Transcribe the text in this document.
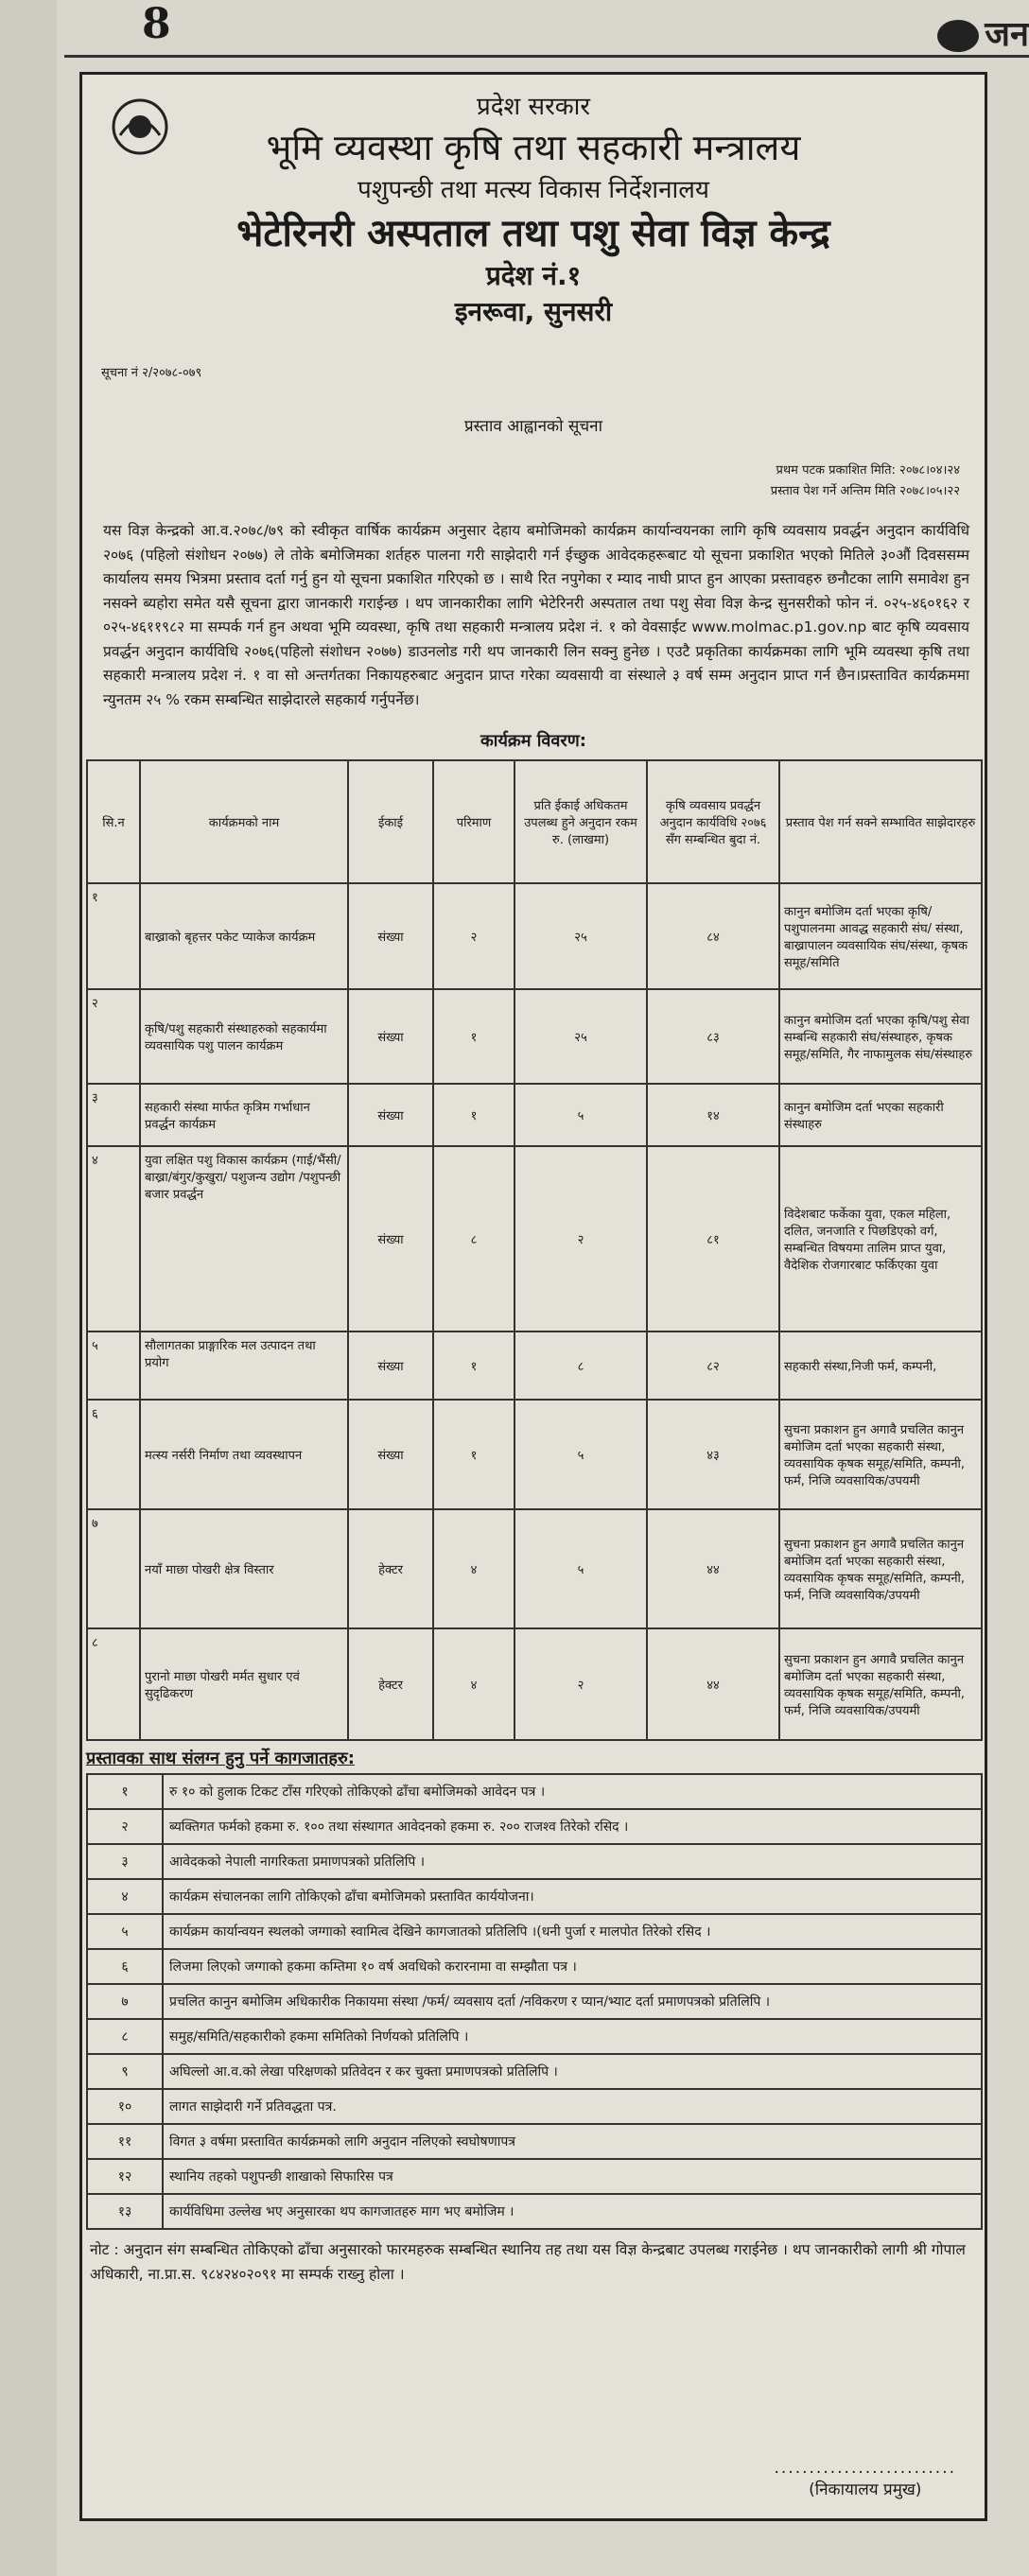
8	जन
प्रदेश सरकार
भूमि व्यवस्था कृषि तथा सहकारी मन्त्रालय
पशुपन्छी तथा मत्स्य विकास निर्देशनालय
भेटेरिनरी अस्पताल तथा पशु सेवा विज्ञ केन्द्र
प्रदेश नं.१
इनरूवा, सुनसरी
सूचना नं २/२०७८-०७९
प्रस्ताव आह्वानको सूचना
प्रथम पटक प्रकाशित मिति: २०७८।०४।२४
प्रस्ताव पेश गर्ने अन्तिम मिति २०७८।०५।२२
यस विज्ञ केन्द्रको आ.व.२०७८/७९ को स्वीकृत वार्षिक कार्यक्रम अनुसार देहाय बमोजिमको कार्यक्रम कार्यान्वयनका लागि कृषि व्यवसाय प्रवर्द्धन अनुदान कार्यविधि २०७६ (पहिलो संशोधन २०७७) ले तोके बमोजिमका शर्तहरु पालना गरी साझेदारी गर्न ईच्छुक आवेदकहरूबाट यो सूचना प्रकाशित भएको मितिले ३०औं दिवससम्म कार्यालय समय भित्रमा प्रस्ताव दर्ता गर्नु हुन यो सूचना प्रकाशित गरिएको छ । साथै रित नपुगेका र म्याद नाघी प्राप्त हुन आएका प्रस्तावहरु छनौटका लागि समावेश हुन नसक्ने ब्यहोरा समेत यसै सूचना द्वारा जानकारी गराईन्छ । थप जानकारीका लागि भेटेरिनरी अस्पताल तथा पशु सेवा विज्ञ केन्द्र सुनसरीको फोन नं. ०२५-४६०१६२ र ०२५-४६११९८२ मा सम्पर्क गर्न हुन अथवा भूमि व्यवस्था, कृषि तथा सहकारी मन्त्रालय प्रदेश नं. १ को वेवसाईट www.molmac.p1.gov.np बाट कृषि व्यवसाय प्रवर्द्धन अनुदान कार्यविधि २०७६(पहिलो संशोधन २०७७) डाउनलोड गरी थप जानकारी लिन सक्नु हुनेछ । एउटै प्रकृतिका कार्यक्रमका लागि भूमि व्यवस्था कृषि तथा सहकारी मन्त्रालय प्रदेश नं. १ वा सो अन्तर्गतका निकायहरुबाट अनुदान प्राप्त गरेका व्यवसायी वा संस्थाले ३ वर्ष सम्म अनुदान प्राप्त गर्न छैन।प्रस्तावित कार्यक्रममा न्युनतम २५ % रकम सम्बन्धित साझेदारले सहकार्य गर्नुपर्नेछ।
कार्यक्रम विवरण:
सि.न	कार्यक्रमको नाम	ईकाई	परिमाण	प्रति ईकाई अधिकतम उपलब्ध हुने अनुदान रकम रु. (लाखमा)	कृषि व्यवसाय प्रवर्द्धन अनुदान कार्यविधि २०७६ सँग सम्बन्धित बुदा नं.	प्रस्ताव पेश गर्न सक्ने सम्भावित साझेदारहरु
१	बाख्राको बृहत्तर पकेट प्याकेज कार्यक्रम	संख्या	२	२५	८४	कानुन बमोजिम दर्ता भएका कृषि/पशुपालनमा आवद्ध सहकारी संघ/ संस्था, बाख्रापालन व्यवसायिक संघ/संस्था, कृषक समूह/समिति
२	कृषि/पशु सहकारी संस्थाहरुको सहकार्यमा व्यवसायिक पशु पालन कार्यक्रम	संख्या	१	२५	८३	कानुन बमोजिम दर्ता भएका कृषि/पशु सेवा सम्बन्धि सहकारी संघ/संस्थाहरु, कृषक समूह/समिति, गैर नाफामुलक संघ/संस्थाहरु
३	सहकारी संस्था मार्फत कृत्रिम गर्भाधान प्रवर्द्धन कार्यक्रम	संख्या	१	५	१४	कानुन बमोजिम दर्ता भएका सहकारी संस्थाहरु
४	युवा लक्षित पशु विकास कार्यक्रम (गाई/भैंसी/बाख्रा/बंगुर/कुखुरा/ पशुजन्य उद्योग /पशुपन्छी बजार प्रवर्द्धन	संख्या	८	२	८१	विदेशबाट फर्केका युवा, एकल महिला, दलित, जनजाति र पिछडिएको वर्ग, सम्बन्धित विषयमा तालिम प्राप्त युवा, वैदेशिक रोजगारबाट फर्किएका युवा
५	सौलागतका प्राङ्गारिक मल उत्पादन तथा प्रयोग	संख्या	१	८	८२	सहकारी संस्था,निजी फर्म, कम्पनी,
६	मत्स्य नर्सरी निर्माण तथा व्यवस्थापन	संख्या	१	५	४३	सुचना प्रकाशन हुन अगावै प्रचलित कानुन बमोजिम दर्ता भएका सहकारी संस्था, व्यवसायिक कृषक समूह/समिति, कम्पनी, फर्म, निजि व्यवसायिक/उपयमी
७	नयाँ माछा पोखरी क्षेत्र विस्तार	हेक्टर	४	५	४४	सुचना प्रकाशन हुन अगावै प्रचलित कानुन बमोजिम दर्ता भएका सहकारी संस्था, व्यवसायिक कृषक समूह/समिति, कम्पनी, फर्म, निजि व्यवसायिक/उपयमी
८	पुरानो माछा पोखरी मर्मत सुधार एवं सुदृढिकरण	हेक्टर	४	२	४४	सुचना प्रकाशन हुन अगावै प्रचलित कानुन बमोजिम दर्ता भएका सहकारी संस्था, व्यवसायिक कृषक समूह/समिति, कम्पनी, फर्म, निजि व्यवसायिक/उपयमी
प्रस्तावका साथ संलग्न हुनु पर्ने कागजातहरु:
१	रु १० को हुलाक टिकट टाँस गरिएको तोकिएको ढाँचा बमोजिमको आवेदन पत्र ।
२	ब्यक्तिगत फर्मको हकमा रु. १०० तथा संस्थागत आवेदनको हकमा रु. २०० राजश्व तिरेको रसिद ।
३	आवेदकको नेपाली नागरिकता प्रमाणपत्रको प्रतिलिपि ।
४	कार्यक्रम संचालनका लागि तोकिएको ढाँचा बमोजिमको प्रस्तावित कार्ययोजना।
५	कार्यक्रम कार्यान्वयन स्थलको जग्गाको स्वामित्व देखिने कागजातको प्रतिलिपि ।(धनी पुर्जा र मालपोत तिरेको रसिद ।
६	लिजमा लिएको जग्गाको हकमा कम्तिमा १० वर्ष अवधिको करारनामा वा सम्झौता पत्र ।
७	प्रचलित कानुन बमोजिम अधिकारीक निकायमा संस्था /फर्म/ व्यवसाय दर्ता /नविकरण र प्यान/भ्याट दर्ता प्रमाणपत्रको प्रतिलिपि ।
८	समुह/समिति/सहकारीको हकमा समितिको निर्णयको प्रतिलिपि ।
९	अघिल्लो आ.व.को लेखा परिक्षणको प्रतिवेदन र कर चुक्ता प्रमाणपत्रको प्रतिलिपि ।
१०	लागत साझेदारी गर्ने प्रतिवद्धता पत्र.
११	विगत ३ वर्षमा प्रस्तावित कार्यक्रमको लागि अनुदान नलिएको स्वघोषणापत्र
१२	स्थानिय तहको पशुपन्छी शाखाको सिफारिस पत्र
१३	कार्यविधिमा उल्लेख भए अनुसारका थप कागजातहरु माग भए बमोजिम ।
नोट : अनुदान संग सम्बन्धित तोकिएको ढाँचा अनुसारको फारमहरुक सम्बन्धित स्थानिय तह तथा यस विज्ञ केन्द्रबाट उपलब्ध गराईनेछ । थप जानकारीको लागी श्री गोपाल अधिकारी, ना.प्रा.स. ९८४२४०२०९१ मा सम्पर्क राख्नु होला ।
..........................
(निकायालय प्रमुख)
